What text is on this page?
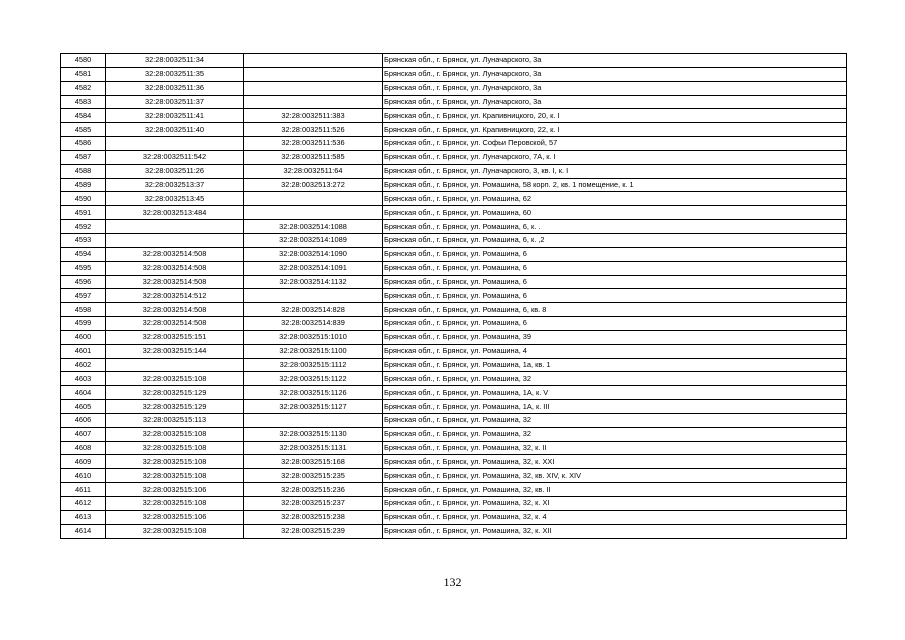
4580	32:28:0032511:34		Брянская обл., г. Брянск, ул. Луначарского, 3а
4581	32:28:0032511:35		Брянская обл., г. Брянск, ул. Луначарского, 3а
4582	32:28:0032511:36		Брянская обл., г. Брянск, ул. Луначарского, 3а
4583	32:28:0032511:37		Брянская обл., г. Брянск, ул. Луначарского, 3а
4584	32:28:0032511:41	32:28:0032511:383	Брянская обл., г. Брянск, ул. Крапивницкого, 20, к. I
4585	32:28:0032511:40	32:28:0032511:526	Брянская обл., г. Брянск, ул. Крапивницкого, 22, к. I
4586		32:28:0032511:536	Брянская обл., г. Брянск, ул. Софьи Перовской, 57
4587	32:28:0032511:542	32:28:0032511:585	Брянская обл., г. Брянск, ул. Луначарского, 7А, к. I
4588	32:28:0032511:26	32:28:0032511:64	Брянская обл., г. Брянск, ул. Луначарского, 3, кв. I, к. I
4589	32:28:0032513:37	32:28:0032513:272	Брянская обл., г. Брянск, ул. Ромашина, 58 корп. 2, кв. 1 помещение, к. 1
4590	32:28:0032513:45		Брянская обл., г. Брянск, ул. Ромашина, 62
4591	32:28:0032513:484		Брянская обл., г. Брянск, ул. Ромашина, 60
4592		32:28:0032514:1088	Брянская обл., г. Брянск, ул. Ромашина, 6, к. .
4593		32:28:0032514:1089	Брянская обл., г. Брянск, ул. Ромашина, 6, к. ,2
4594	32:28:0032514:508	32:28:0032514:1090	Брянская обл., г. Брянск, ул. Ромашина, 6
4595	32:28:0032514:508	32:28:0032514:1091	Брянская обл., г. Брянск, ул. Ромашина, 6
4596	32:28:0032514:508	32:28:0032514:1132	Брянская обл., г. Брянск, ул. Ромашина, 6
4597	32:28:0032514:512		Брянская обл., г. Брянск, ул. Ромашина, 6
4598	32:28:0032514:508	32:28:0032514:828	Брянская обл., г. Брянск, ул. Ромашина, 6, кв. 8
4599	32:28:0032514:508	32:28:0032514:839	Брянская обл., г. Брянск, ул. Ромашина, 6
4600	32:28:0032515:151	32:28:0032515:1010	Брянская обл., г. Брянск, ул. Ромашина, 39
4601	32:28:0032515:144	32:28:0032515:1100	Брянская обл., г. Брянск, ул. Ромашина, 4
4602		32:28:0032515:1112	Брянская обл., г. Брянск, ул. Ромашина, 1а, кв. 1
4603	32:28:0032515:108	32:28:0032515:1122	Брянская обл., г. Брянск, ул. Ромашина, 32
4604	32:28:0032515:129	32:28:0032515:1126	Брянская обл., г. Брянск, ул. Ромашина, 1А, к. V
4605	32:28:0032515:129	32:28:0032515:1127	Брянская обл., г. Брянск, ул. Ромашина, 1А, к. III
4606	32:28:0032515:113		Брянская обл., г. Брянск, ул. Ромашина, 32
4607	32:28:0032515:108	32:28:0032515:1130	Брянская обл., г. Брянск, ул. Ромашина, 32
4608	32:28:0032515:108	32:28:0032515:1131	Брянская обл., г. Брянск, ул. Ромашина, 32, к. II
4609	32:28:0032515:108	32:28:0032515:168	Брянская обл., г. Брянск, ул. Ромашина, 32, к. XXI
4610	32:28:0032515:108	32:28:0032515:235	Брянская обл., г. Брянск, ул. Ромашина, 32, кв. XIV, к. XIV
4611	32:28:0032515:106	32:28:0032515:236	Брянская обл., г. Брянск, ул. Ромашина, 32, кв. II
4612	32:28:0032515:108	32:28:0032515:237	Брянская обл., г. Брянск, ул. Ромашина, 32, к. XI
4613	32:28:0032515:106	32:28:0032515:238	Брянская обл., г. Брянск, ул. Ромашина, 32, к. 4
4614	32:28:0032515:108	32:28:0032515:239	Брянская обл., г. Брянск, ул. Ромашина, 32, к. XII
132
